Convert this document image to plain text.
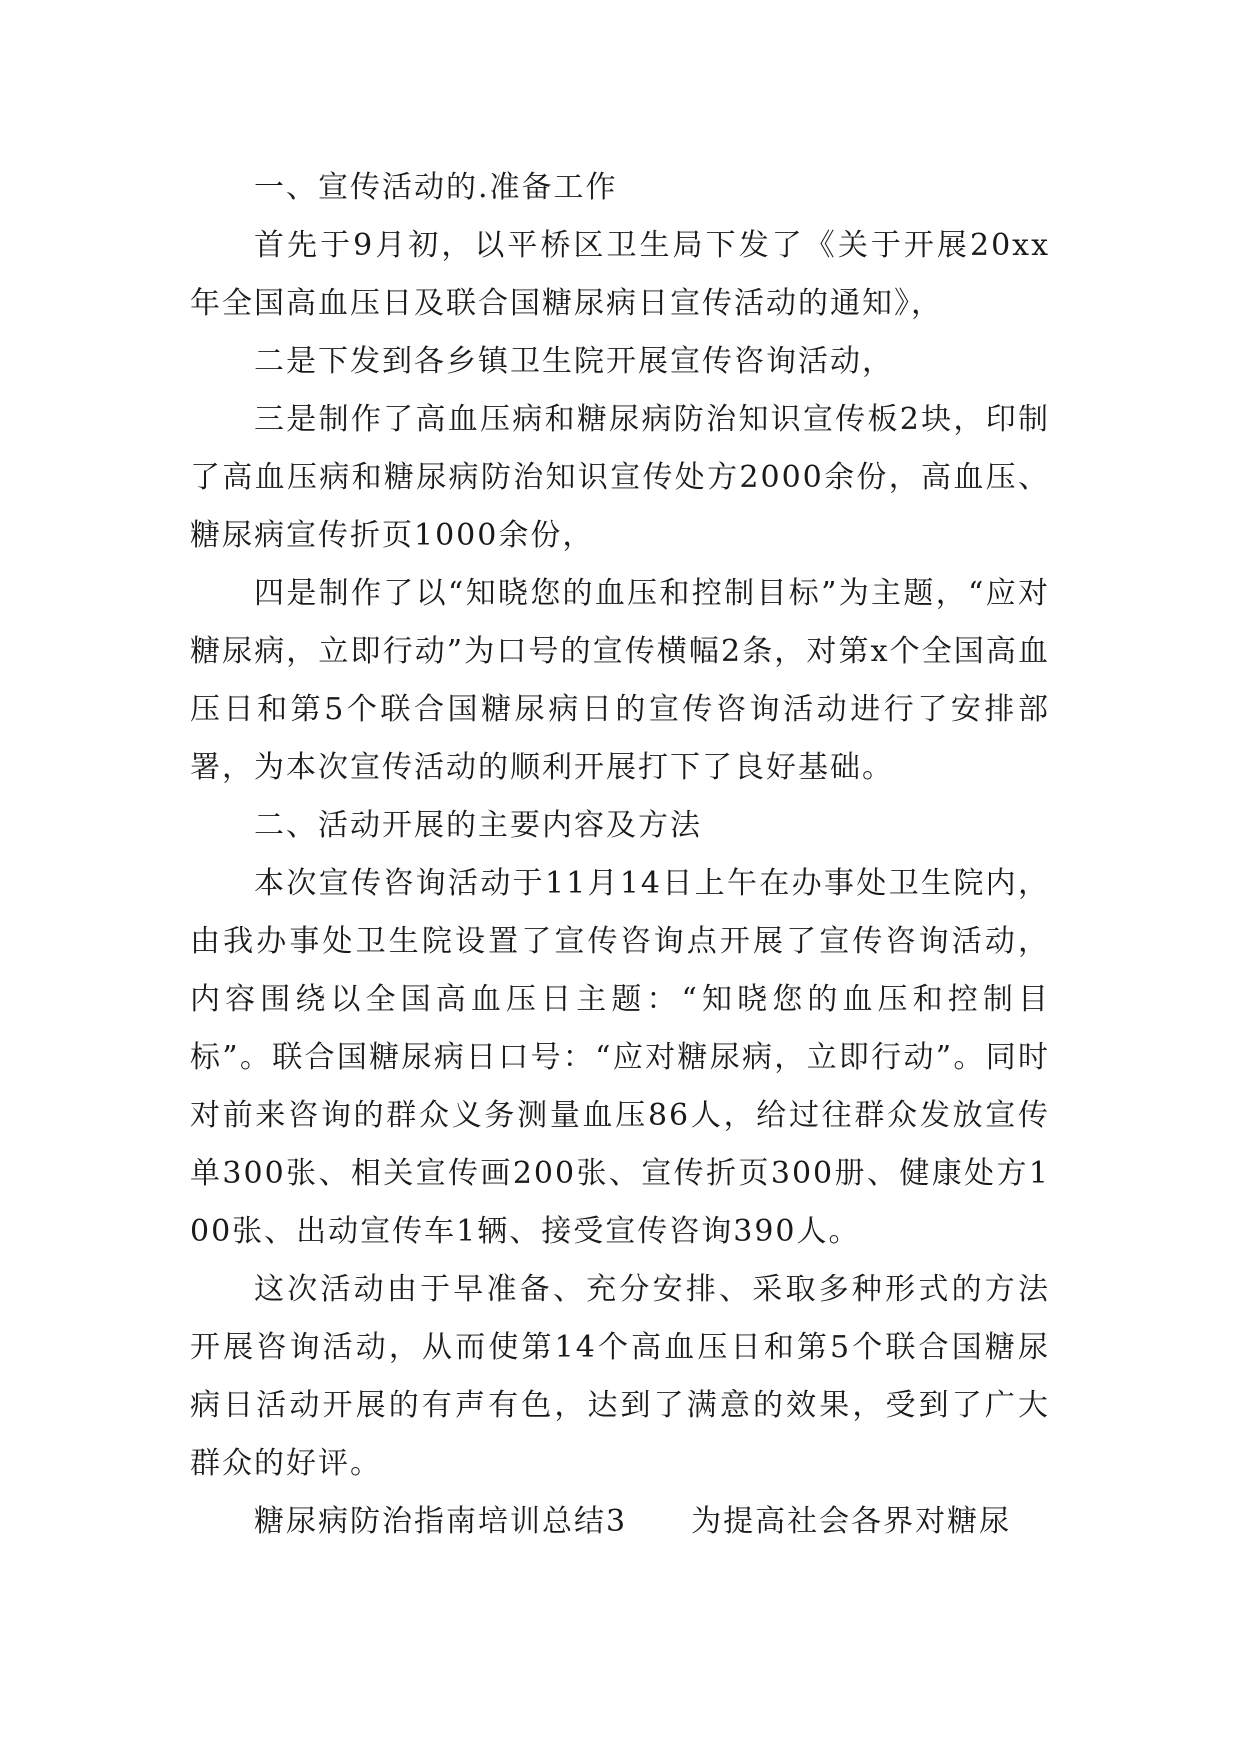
一、宣传活动的.准备工作

首先于9月初，以平桥区卫生局下发了《关于开展20xx年全国高血压日及联合国糖尿病日宣传活动的通知》，

二是下发到各乡镇卫生院开展宣传咨询活动，

三是制作了高血压病和糖尿病防治知识宣传板2块，印制了高血压病和糖尿病防治知识宣传处方2000余份，高血压、糖尿病宣传折页1000余份，

四是制作了以“知晓您的血压和控制目标”为主题，“应对糖尿病，立即行动”为口号的宣传横幅2条，对第x个全国高血压日和第5个联合国糖尿病日的宣传咨询活动进行了安排部署，为本次宣传活动的顺利开展打下了良好基础。

二、活动开展的主要内容及方法

本次宣传咨询活动于11月14日上午在办事处卫生院内，由我办事处卫生院设置了宣传咨询点开展了宣传咨询活动，内容围绕以全国高血压日主题：“知晓您的血压和控制目标”。联合国糖尿病日口号：“应对糖尿病，立即行动”。同时对前来咨询的群众义务测量血压86人，给过往群众发放宣传单300张、相关宣传画200张、宣传折页300册、健康处方100张、出动宣传车1辆、接受宣传咨询390人。

这次活动由于早准备、充分安排、采取多种形式的方法开展咨询活动，从而使第14个高血压日和第5个联合国糖尿病日活动开展的有声有色，达到了满意的效果，受到了广大群众的好评。

糖尿病防治指南培训总结3　　为提高社会各界对糖尿
